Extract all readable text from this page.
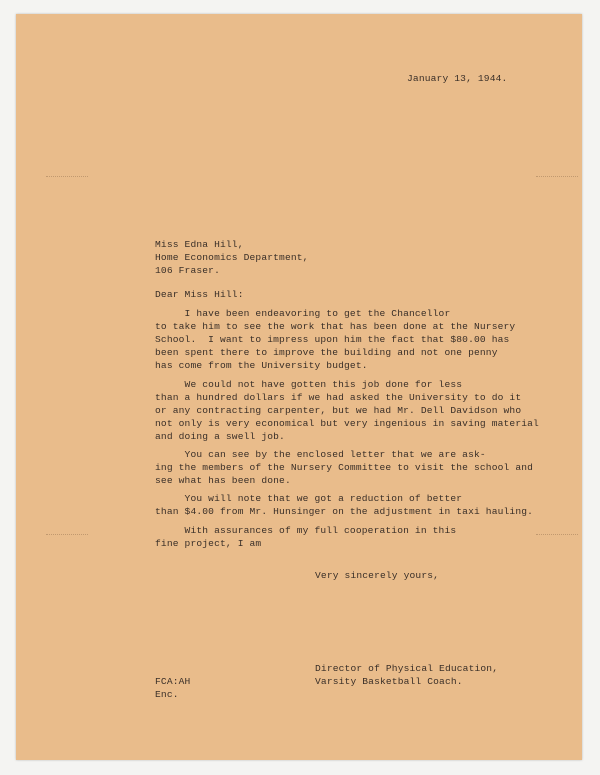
January 13, 1944.
Miss Edna Hill,
Home Economics Department,
106 Fraser.
Dear Miss Hill:
I have been endeavoring to get the Chancellor
to take him to see the work that has been done at the Nursery
School.  I want to impress upon him the fact that $80.00 has
been spent there to improve the building and not one penny
has come from the University budget.
We could not have gotten this job done for less
than a hundred dollars if we had asked the University to do it
or any contracting carpenter, but we had Mr. Dell Davidson who
not only is very economical but very ingenious in saving material
and doing a swell job.
You can see by the enclosed letter that we are ask-
ing the members of the Nursery Committee to visit the school and
see what has been done.
You will note that we got a reduction of better
than $4.00 from Mr. Hunsinger on the adjustment in taxi hauling.
With assurances of my full cooperation in this
fine project, I am
Very sincerely yours,
Director of Physical Education,
Varsity Basketball Coach.
FCA:AH
Enc.
